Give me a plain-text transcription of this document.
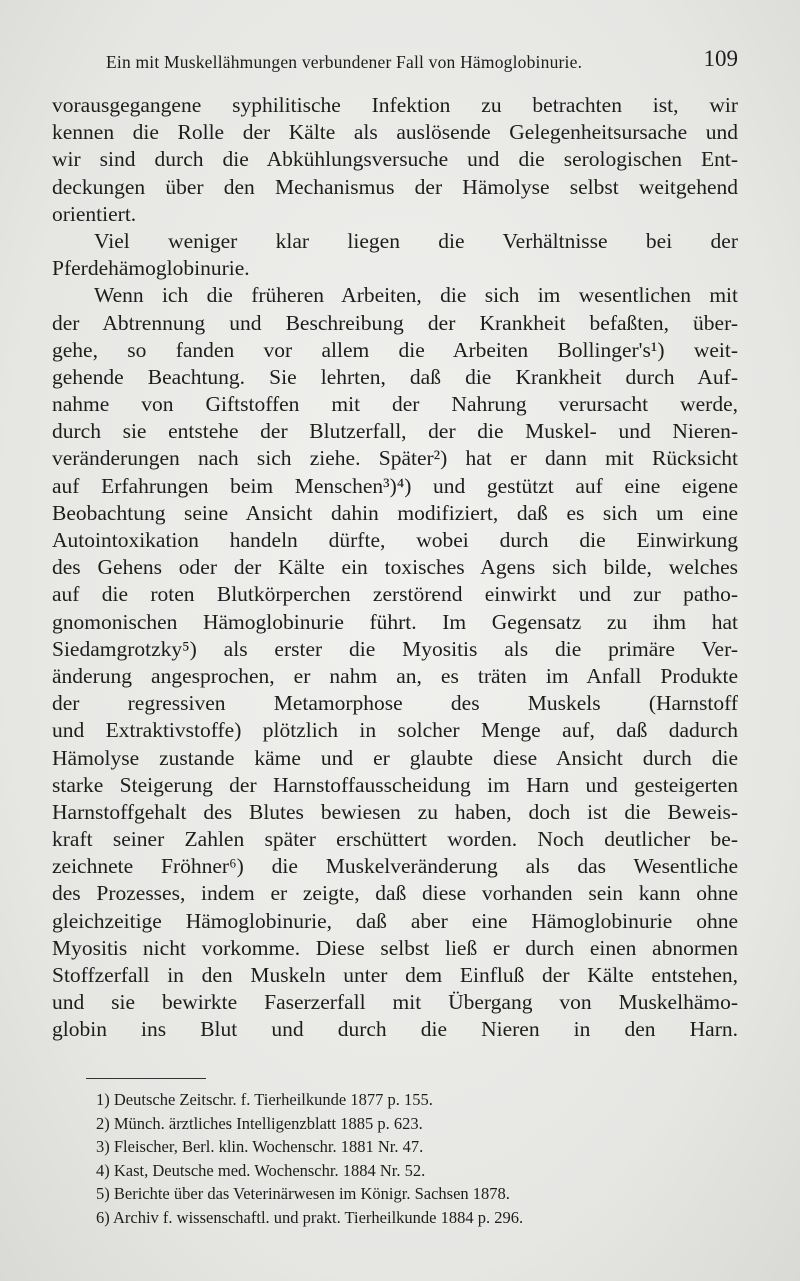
Ein mit Muskellähmungen verbundener Fall von Hämoglobinurie.	109
vorausgegangene syphilitische Infektion zu betrachten ist, wir
kennen die Rolle der Kälte als auslösende Gelegenheitsursache und
wir sind durch die Abkühlungsversuche und die serologischen Ent-
deckungen über den Mechanismus der Hämolyse selbst weitgehend
orientiert.
Viel weniger klar liegen die Verhältnisse bei der
Pferdehämoglobinurie.
Wenn ich die früheren Arbeiten, die sich im wesentlichen mit
der Abtrennung und Beschreibung der Krankheit befaßten, über-
gehe, so fanden vor allem die Arbeiten Bollinger's¹) weit-
gehende Beachtung. Sie lehrten, daß die Krankheit durch Auf-
nahme von Giftstoffen mit der Nahrung verursacht werde,
durch sie entstehe der Blutzerfall, der die Muskel- und Nieren-
veränderungen nach sich ziehe. Später²) hat er dann mit Rücksicht
auf Erfahrungen beim Menschen³)⁴) und gestützt auf eine eigene
Beobachtung seine Ansicht dahin modifiziert, daß es sich um eine
Autointoxikation handeln dürfte, wobei durch die Einwirkung
des Gehens oder der Kälte ein toxisches Agens sich bilde, welches
auf die roten Blutkörperchen zerstörend einwirkt und zur patho-
gnomonischen Hämoglobinurie führt. Im Gegensatz zu ihm hat
Siedamgrotzky⁵) als erster die Myositis als die primäre Ver-
änderung angesprochen, er nahm an, es träten im Anfall Produkte
der regressiven Metamorphose des Muskels (Harnstoff
und Extraktivstoffe) plötzlich in solcher Menge auf, daß dadurch
Hämolyse zustande käme und er glaubte diese Ansicht durch die
starke Steigerung der Harnstoffausscheidung im Harn und gesteigerten
Harnstoffgehalt des Blutes bewiesen zu haben, doch ist die Beweis-
kraft seiner Zahlen später erschüttert worden. Noch deutlicher be-
zeichnete Fröhner⁶) die Muskelveränderung als das Wesentliche
des Prozesses, indem er zeigte, daß diese vorhanden sein kann ohne
gleichzeitige Hämoglobinurie, daß aber eine Hämoglobinurie ohne
Myositis nicht vorkomme. Diese selbst ließ er durch einen abnormen
Stoffzerfall in den Muskeln unter dem Einfluß der Kälte entstehen,
und sie bewirkte Faserzerfall mit Übergang von Muskelhämo-
globin ins Blut und durch die Nieren in den Harn.
1) Deutsche Zeitschr. f. Tierheilkunde 1877 p. 155.
2) Münch. ärztliches Intelligenzblatt 1885 p. 623.
3) Fleischer, Berl. klin. Wochenschr. 1881 Nr. 47.
4) Kast, Deutsche med. Wochenschr. 1884 Nr. 52.
5) Berichte über das Veterinärwesen im Königr. Sachsen 1878.
6) Archiv f. wissenschaftl. und prakt. Tierheilkunde 1884 p. 296.
